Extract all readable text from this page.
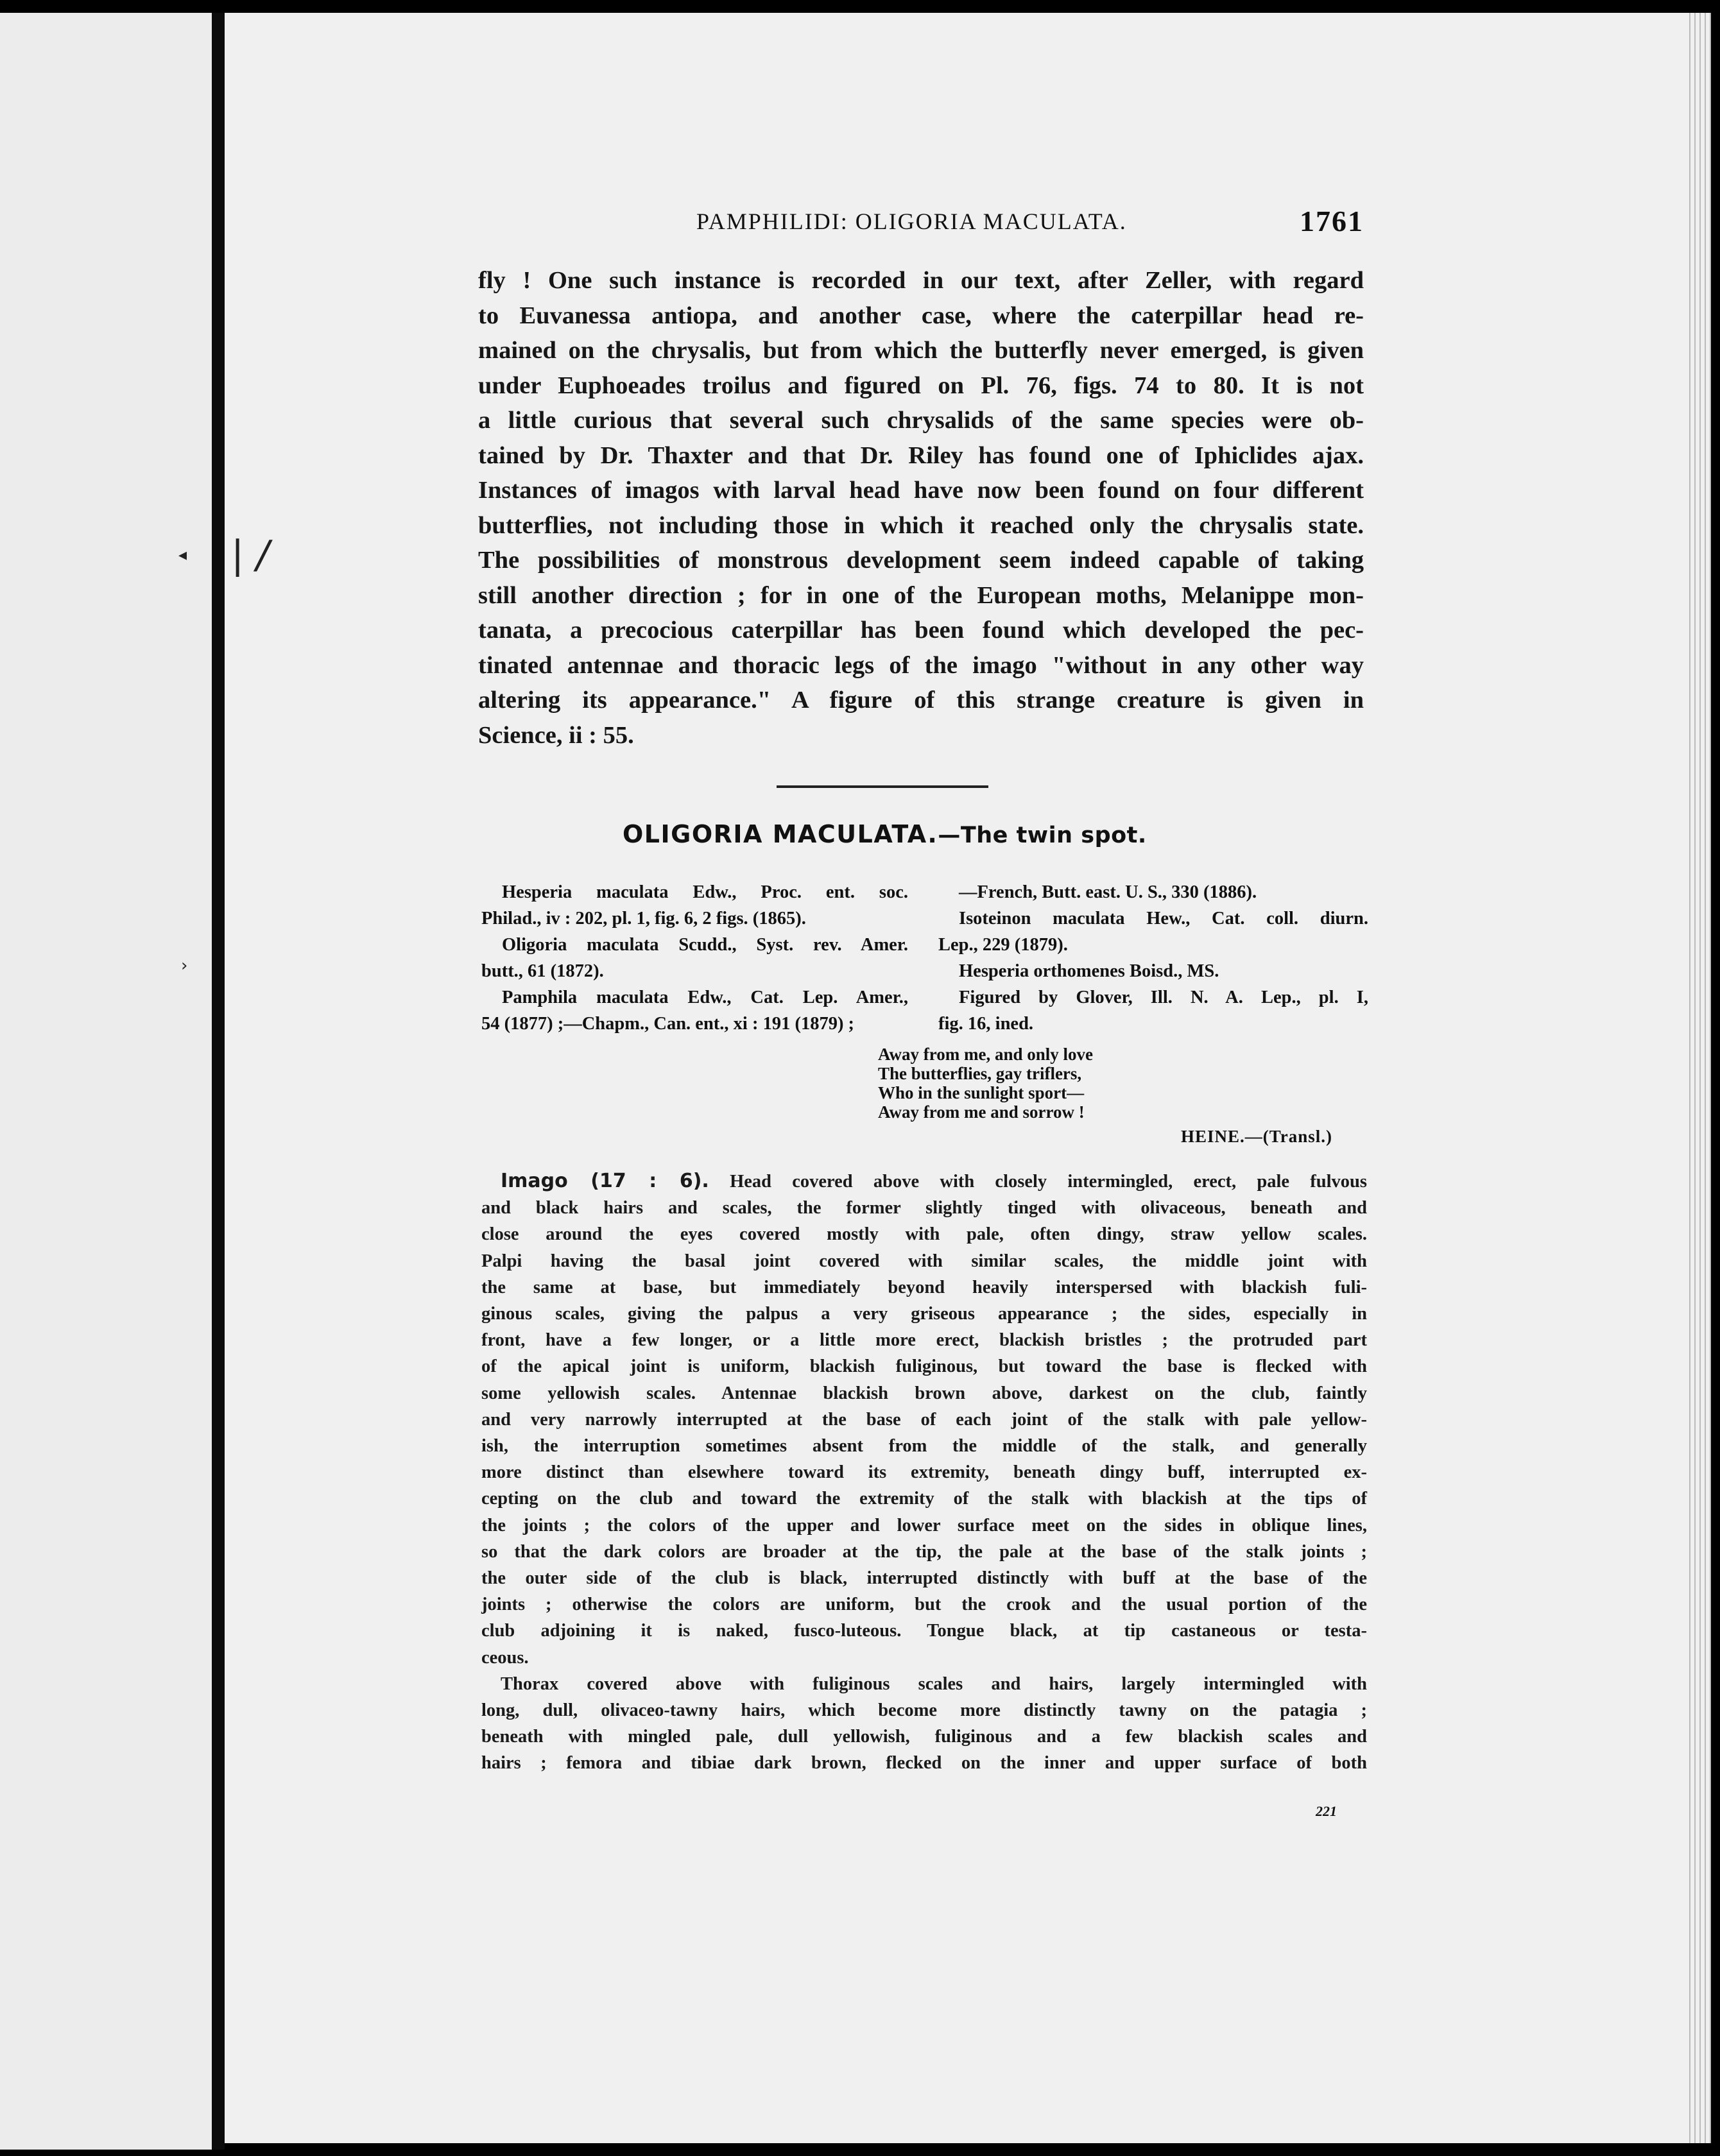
◂ | /
›
PAMPHILIDI: OLIGORIA MACULATA.	1761
fly ! One such instance is recorded in our text, after Zeller, with regard
to Euvanessa antiopa, and another case, where the caterpillar head re-
mained on the chrysalis, but from which the butterfly never emerged, is given
under Euphoeades troilus and figured on Pl. 76, figs. 74 to 80. It is not
a little curious that several such chrysalids of the same species were ob-
tained by Dr. Thaxter and that Dr. Riley has found one of Iphiclides ajax.
Instances of imagos with larval head have now been found on four different
butterflies, not including those in which it reached only the chrysalis state.
The possibilities of monstrous development seem indeed capable of taking
still another direction ; for in one of the European moths, Melanippe mon-
tanata, a precocious caterpillar has been found which developed the pec-
tinated antennae and thoracic legs of the imago "without in any other way
altering its appearance." A figure of this strange creature is given in
Science, ii : 55.
OLIGORIA MACULATA.—The twin spot.
Hesperia maculata Edw., Proc. ent. soc.
Philad., iv : 202, pl. 1, fig. 6, 2 figs. (1865).
Oligoria maculata Scudd., Syst. rev. Amer.
butt., 61 (1872).
Pamphila maculata Edw., Cat. Lep. Amer.,
54 (1877) ;—Chapm., Can. ent., xi : 191 (1879) ;
—French, Butt. east. U. S., 330 (1886).
Isoteinon maculata Hew., Cat. coll. diurn.
Lep., 229 (1879).
Hesperia orthomenes Boisd., MS.
Figured by Glover, Ill. N. A. Lep., pl. I,
fig. 16, ined.
Away from me, and only love
The butterflies, gay triflers,
Who in the sunlight sport—
Away from me and sorrow !
HEINE.—(Transl.)
Imago (17 : 6). Head covered above with closely intermingled, erect, pale fulvous
and black hairs and scales, the former slightly tinged with olivaceous, beneath and
close around the eyes covered mostly with pale, often dingy, straw yellow scales.
Palpi having the basal joint covered with similar scales, the middle joint with
the same at base, but immediately beyond heavily interspersed with blackish fuli-
ginous scales, giving the palpus a very griseous appearance ; the sides, especially in
front, have a few longer, or a little more erect, blackish bristles ; the protruded part
of the apical joint is uniform, blackish fuliginous, but toward the base is flecked with
some yellowish scales. Antennae blackish brown above, darkest on the club, faintly
and very narrowly interrupted at the base of each joint of the stalk with pale yellow-
ish, the interruption sometimes absent from the middle of the stalk, and generally
more distinct than elsewhere toward its extremity, beneath dingy buff, interrupted ex-
cepting on the club and toward the extremity of the stalk with blackish at the tips of
the joints ; the colors of the upper and lower surface meet on the sides in oblique lines,
so that the dark colors are broader at the tip, the pale at the base of the stalk joints ;
the outer side of the club is black, interrupted distinctly with buff at the base of the
joints ; otherwise the colors are uniform, but the crook and the usual portion of the
club adjoining it is naked, fusco-luteous. Tongue black, at tip castaneous or testa-
ceous.
Thorax covered above with fuliginous scales and hairs, largely intermingled with
long, dull, olivaceo-tawny hairs, which become more distinctly tawny on the patagia ;
beneath with mingled pale, dull yellowish, fuliginous and a few blackish scales and
hairs ; femora and tibiae dark brown, flecked on the inner and upper surface of both
221
